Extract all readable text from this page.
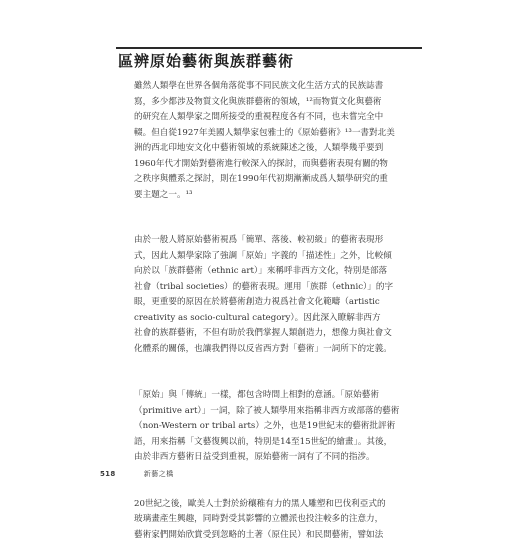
區辨原始藝術與族群藝術

雖然人類學在世界各個角落從事不同民族文化生活方式的民族誌書
寫，多少都涉及物質文化與族群藝術的領域，¹²而物質文化與藝術
的研究在人類學家之間所接受的重視程度各有不同，也未嘗完全中
輟。但自從1927年美國人類學家包雅士的《原始藝術》¹³一書對北美
洲的西北印地安文化中藝術領域的系統陳述之後，人類學幾乎要到
1960年代才開始對藝術進行較深入的探討，而與藝術表現有關的物
之秩序與體系之探討，則在1990年代初期漸漸成爲人類學研究的重
要主題之一。¹³

由於一般人將原始藝術視爲「簡單、落後、較初級」的藝術表現形
式，因此人類學家除了強調「原始」字義的「描述性」之外，比較傾
向於以「族群藝術（ethnic art）」來稱呼非西方文化，特別是部落
社會（tribal societies）的藝術表現。運用「族群（ethnic）」的字
眼，更重要的原因在於將藝術創造力視爲社會文化範疇（artistic
creativity as socio-cultural category）。因此深入瞭解非西方
社會的族群藝術，不但有助於我們掌握人類創造力，想像力與社會文
化體系的關係，也讓我們得以反省西方對「藝術」一詞所下的定義。

「原始」與「傳統」一樣，都包含時間上相對的意涵。「原始藝術
（primitive art）」一詞，除了被人類學用來指稱非西方或部落的藝術
（non-Western or tribal arts）之外，也是19世紀末的藝術批評術
語，用來指稱「文藝復興以前，特別是14至15世紀的繪畫」。其後，
由於非西方藝術日益受到重視，原始藝術一詞有了不同的指涉。

20世紀之後，歐美人士對於紛穰稚有力的黑人雕塑和巴伐利亞式的
玻璃畫產生興趣，同時對受其影響的立體派也投注較多的注意力，
藝術家們開始欣賞受到忽略的土著（原住民）和民間藝術，譬如法

518	新藝之橋
